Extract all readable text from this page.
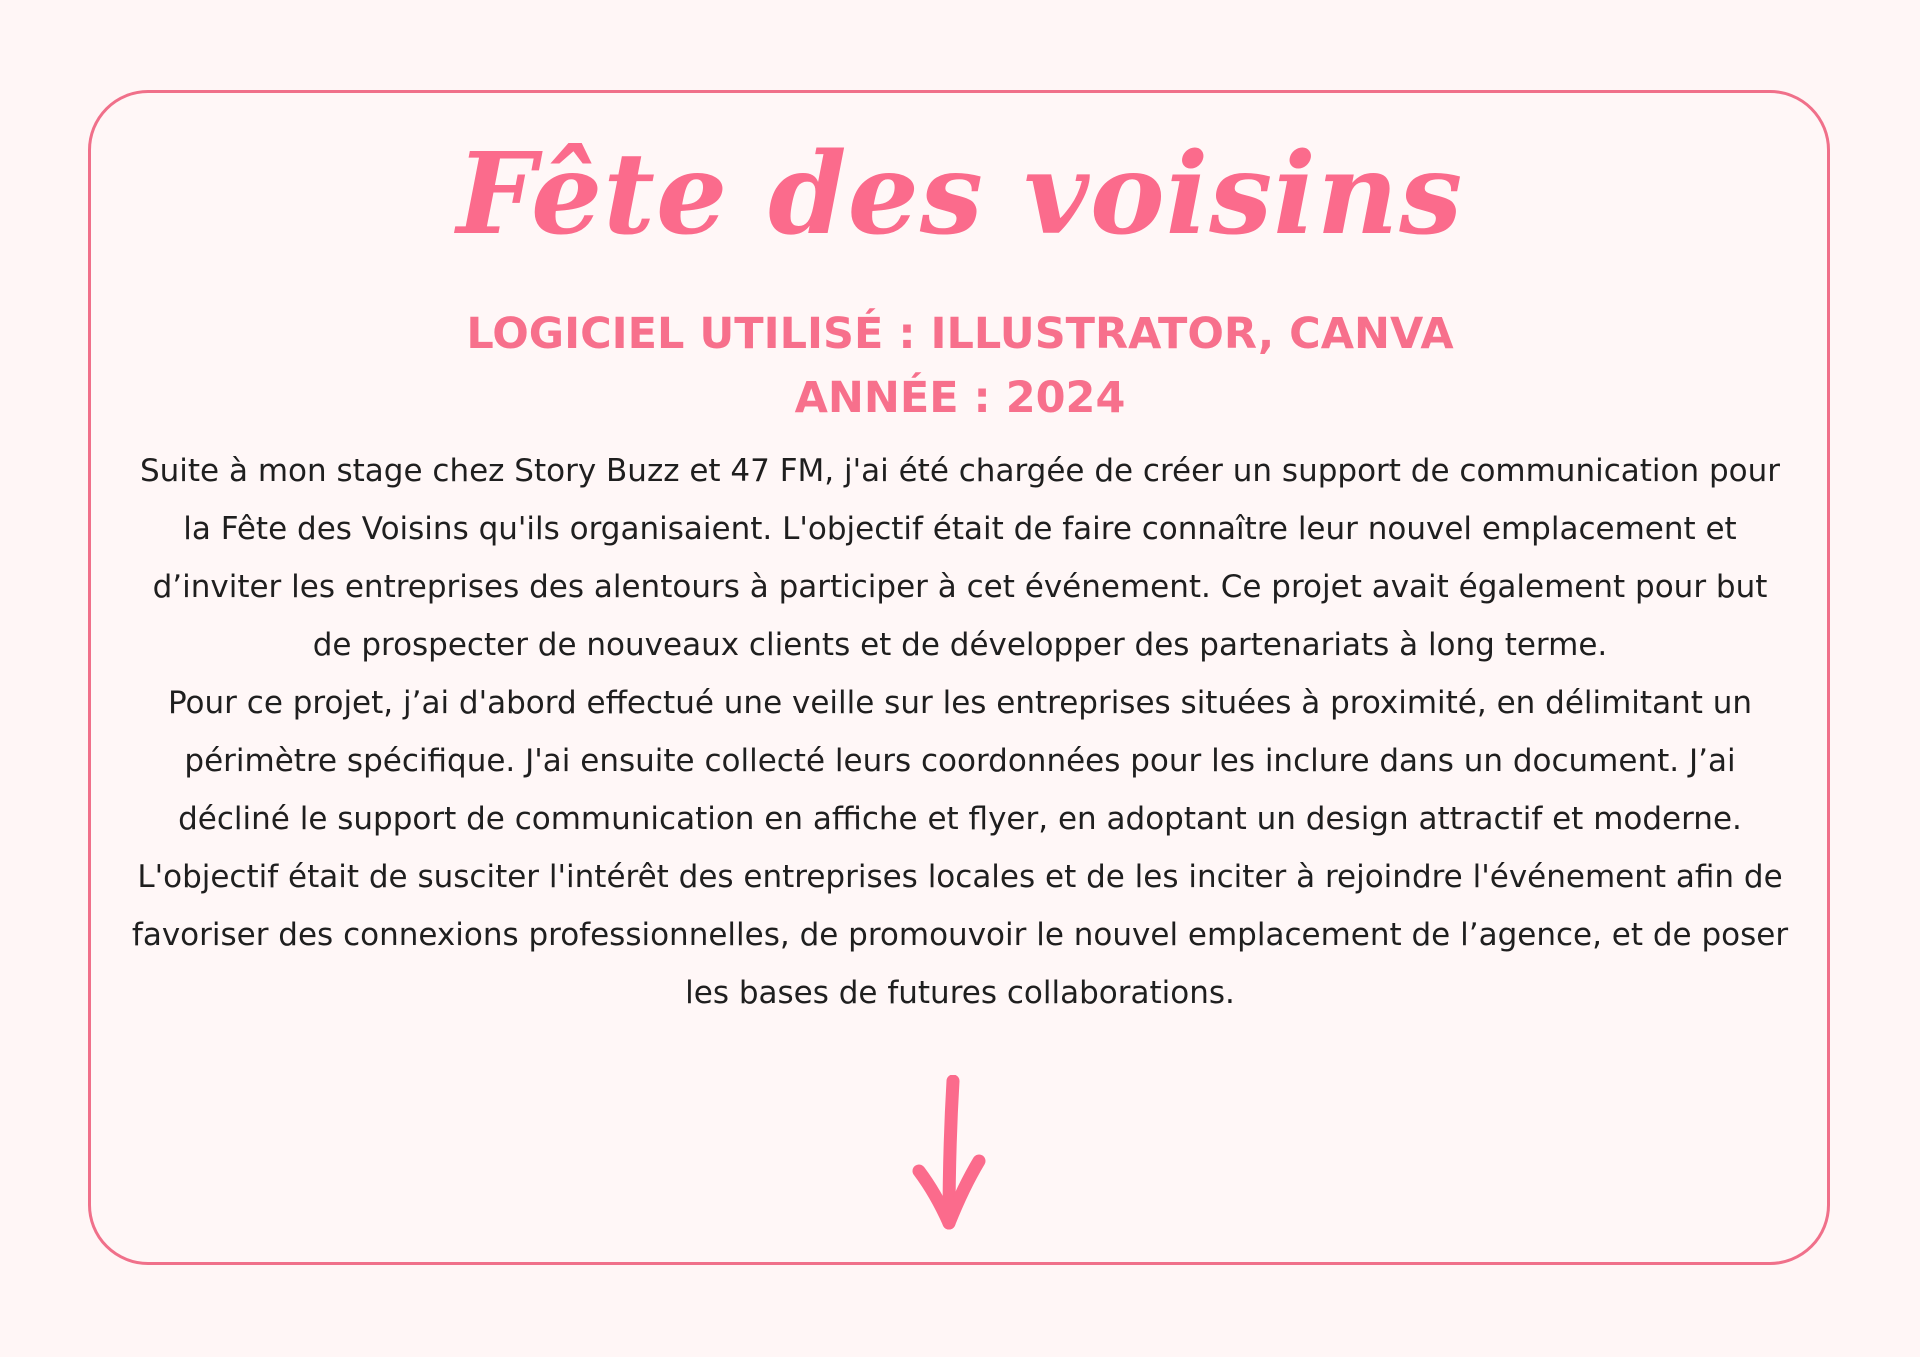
Fête des voisins
LOGICIEL UTILISÉ : ILLUSTRATOR, CANVA
ANNÉE : 2024

Suite à mon stage chez Story Buzz et 47 FM, j'ai été chargée de créer un support de communication pour la Fête des Voisins qu'ils organisaient. L'objectif était de faire connaître leur nouvel emplacement et d’inviter les entreprises des alentours à participer à cet événement. Ce projet avait également pour but de prospecter de nouveaux clients et de développer des partenariats à long terme.

Pour ce projet, j’ai d'abord effectué une veille sur les entreprises situées à proximité, en délimitant un périmètre spécifique. J'ai ensuite collecté leurs coordonnées pour les inclure dans un document. J’ai décliné le support de communication en affiche et flyer, en adoptant un design attractif et moderne. L'objectif était de susciter l'intérêt des entreprises locales et de les inciter à rejoindre l'événement afin de favoriser des connexions professionnelles, de promouvoir le nouvel emplacement de l’agence, et de poser les bases de futures collaborations.
